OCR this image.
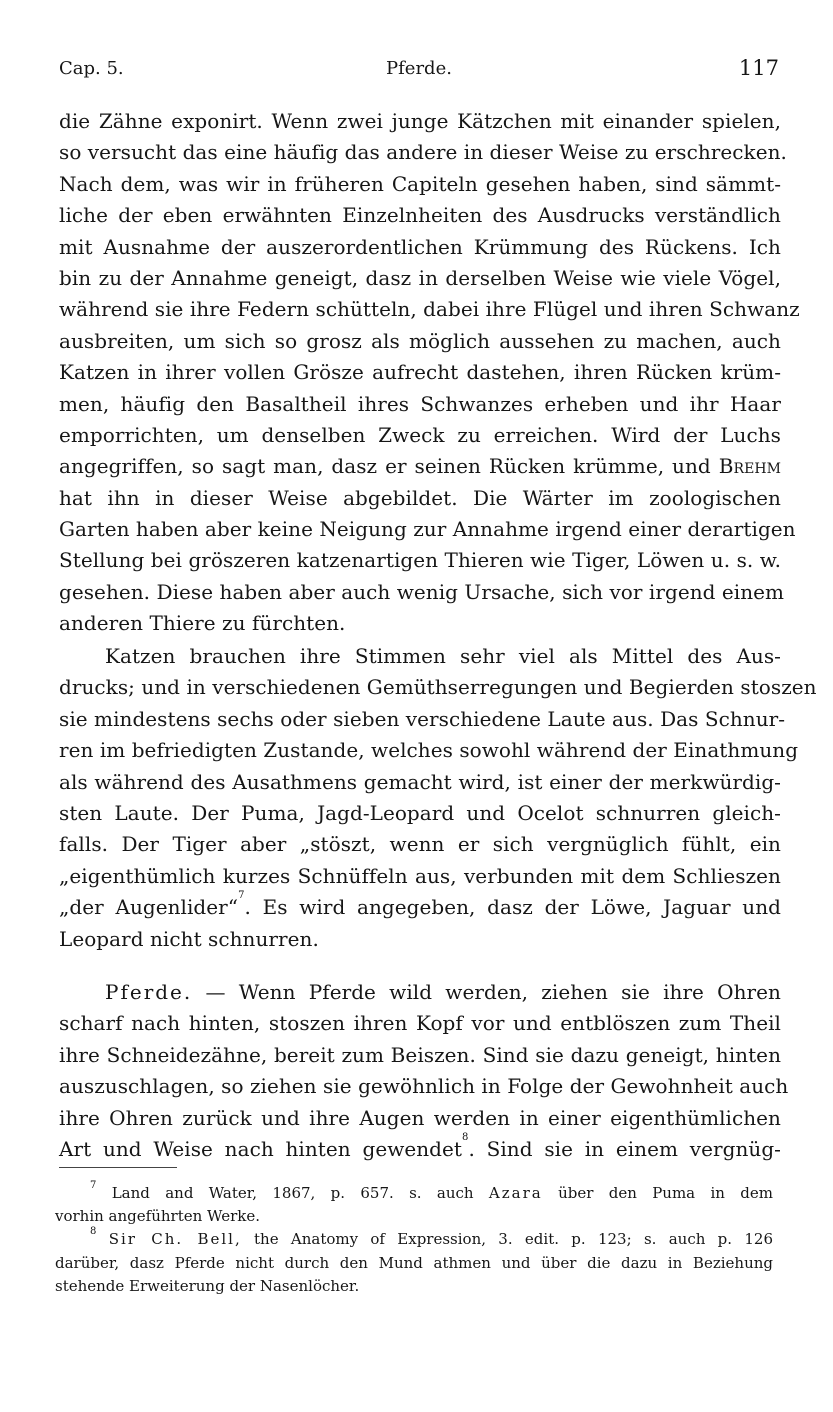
Cap. 5.	Pferde.	117
die Zähne exponirt. Wenn zwei junge Kätzchen mit einander spielen,
so versucht das eine häufig das andere in dieser Weise zu erschrecken.
Nach dem, was wir in früheren Capiteln gesehen haben, sind sämmt-
liche der eben erwähnten Einzelnheiten des Ausdrucks verständlich
mit Ausnahme der auszerordentlichen Krümmung des Rückens. Ich
bin zu der Annahme geneigt, dasz in derselben Weise wie viele Vögel,
während sie ihre Federn schütteln, dabei ihre Flügel und ihren Schwanz
ausbreiten, um sich so grosz als möglich aussehen zu machen, auch
Katzen in ihrer vollen Grösze aufrecht dastehen, ihren Rücken krüm-
men, häufig den Basaltheil ihres Schwanzes erheben und ihr Haar
emporrichten, um denselben Zweck zu erreichen. Wird der Luchs
angegriffen, so sagt man, dasz er seinen Rücken krümme, und Brehm
hat ihn in dieser Weise abgebildet. Die Wärter im zoologischen
Garten haben aber keine Neigung zur Annahme irgend einer derartigen
Stellung bei gröszeren katzenartigen Thieren wie Tiger, Löwen u. s. w.
gesehen. Diese haben aber auch wenig Ursache, sich vor irgend einem
anderen Thiere zu fürchten.
Katzen brauchen ihre Stimmen sehr viel als Mittel des Aus-
drucks; und in verschiedenen Gemüthserregungen und Begierden stoszen
sie mindestens sechs oder sieben verschiedene Laute aus. Das Schnur-
ren im befriedigten Zustande, welches sowohl während der Einathmung
als während des Ausathmens gemacht wird, ist einer der merkwürdig-
sten Laute. Der Puma, Jagd-Leopard und Ocelot schnurren gleich-
falls. Der Tiger aber „stöszt, wenn er sich vergnüglich fühlt, ein
„eigenthümlich kurzes Schnüffeln aus, verbunden mit dem Schlieszen
„der Augenlider“$^7$. Es wird angegeben, dasz der Löwe, Jaguar und
Leopard nicht schnurren.
Pferde. — Wenn Pferde wild werden, ziehen sie ihre Ohren
scharf nach hinten, stoszen ihren Kopf vor und entblöszen zum Theil
ihre Schneidezähne, bereit zum Beiszen. Sind sie dazu geneigt, hinten
auszuschlagen, so ziehen sie gewöhnlich in Folge der Gewohnheit auch
ihre Ohren zurück und ihre Augen werden in einer eigenthümlichen
Art und Weise nach hinten gewendet$^8$. Sind sie in einem vergnüg-
$^7$ Land and Water, 1867, p. 657. s. auch Azara über den Puma in dem
vorhin angeführten Werke.
$^8$ Sir Ch. Bell, the Anatomy of Expression, 3. edit. p. 123; s. auch p. 126
darüber, dasz Pferde nicht durch den Mund athmen und über die dazu in Beziehung
stehende Erweiterung der Nasenlöcher.
